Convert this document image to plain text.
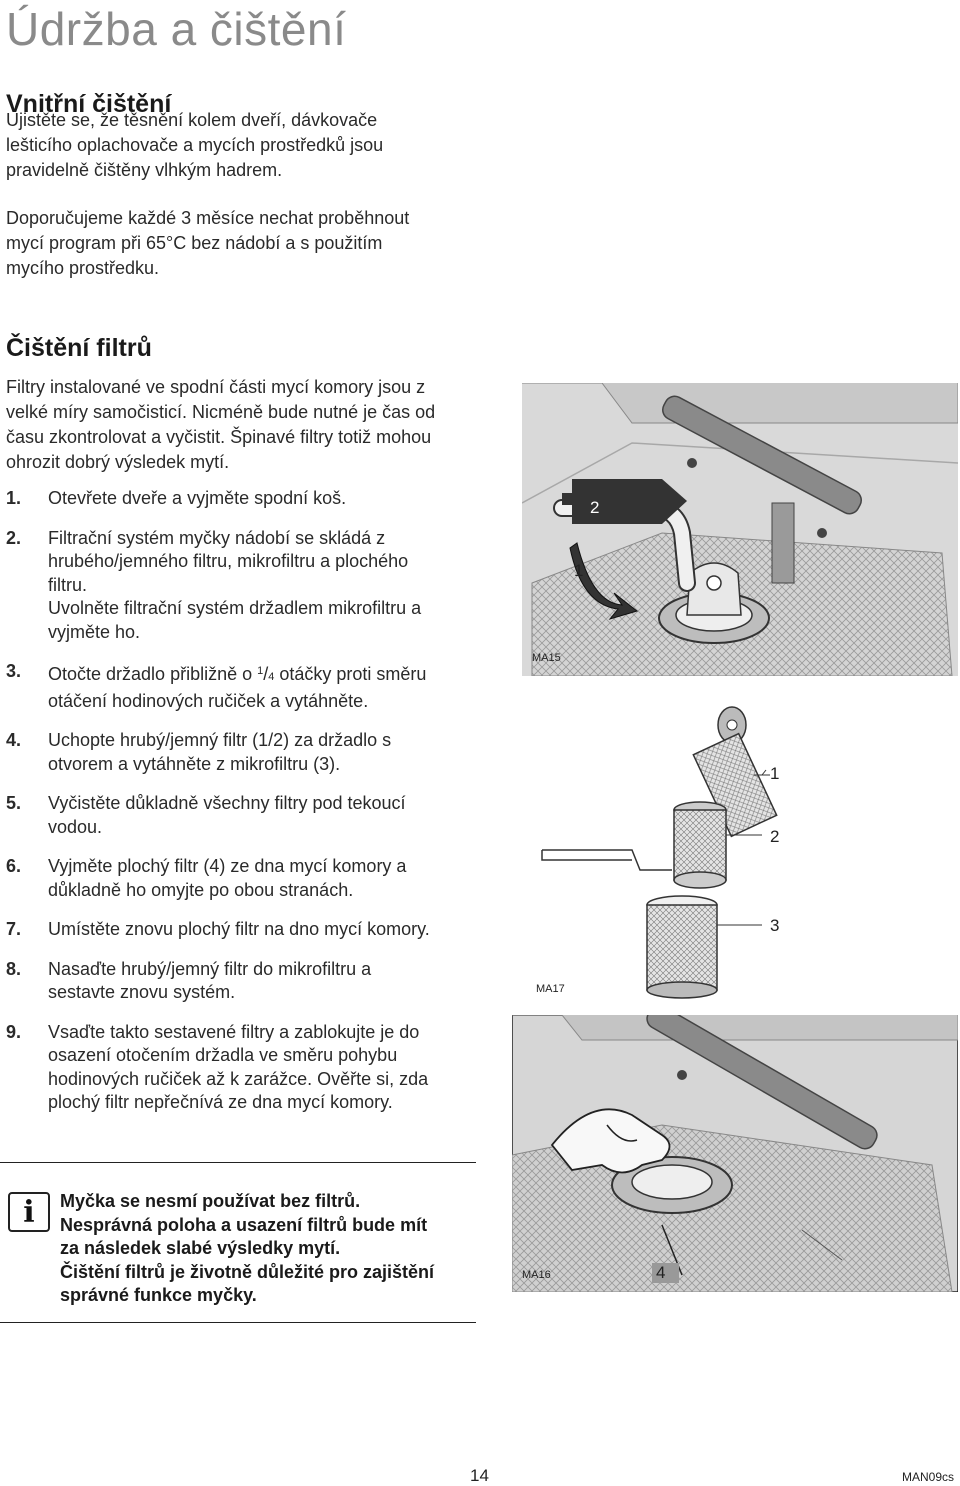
Údržba a čištění
Vnitřní čištění

Ujistěte se, že těsnění kolem dveří, dávkovače
lešticího oplachovače a mycích prostředků jsou
pravidelně čištěny vlhkým hadrem.

Doporučujeme každé 3 měsíce nechat proběhnout
mycí program při 65°C bez nádobí a s použitím
mycího prostředku.

Čištění filtrů

Filtry instalované ve spodní části mycí komory jsou z
velké míry samočisticí. Nicméně bude nutné je čas od
času zkontrolovat a vyčistit. Špinavé filtry totiž mohou
ohrozit dobrý výsledek mytí.

1. Otevřete dveře a vyjměte spodní koš.
2. Filtrační systém myčky nádobí se skládá z
hrubého/jemného filtru, mikrofiltru a plochého
filtru.
Uvolněte filtrační systém držadlem mikrofiltru a
vyjměte ho.
3. Otočte držadlo přibližně o $^1$/4 otáčky proti směru
otáčení hodinových ručiček a vytáhněte.
4. Uchopte hrubý/jemný filtr (1/2) za držadlo s
otvorem a vytáhněte z mikrofiltru (3).
5. Vyčistěte důkladně všechny filtry pod tekoucí
vodou.
6. Vyjměte plochý filtr (4) ze dna mycí komory a
důkladně ho omyjte po obou stranách.
7. Umístěte znovu plochý filtr na dno mycí komory.
8. Nasaďte hrubý/jemný filtr do mikrofiltru a
sestavte znovu systém.
9. Vsaďte takto sestavené filtry a zablokujte je do
osazení otočením držadla ve směru pohybu
hodinových ručiček až k zarážce. Ověřte si, zda
plochý filtr nepřečnívá ze dna mycí komory.
i	Myčka se nesmí používat bez filtrů.
Nesprávná poloha a usazení filtrů bude mít
za následek slabé výsledky mytí.
Čištění filtrů je životně důležité pro zajištění
správné funkce myčky.

2
1
MA15
1
2
3
MA17
4
MA16
14	MAN09cs
